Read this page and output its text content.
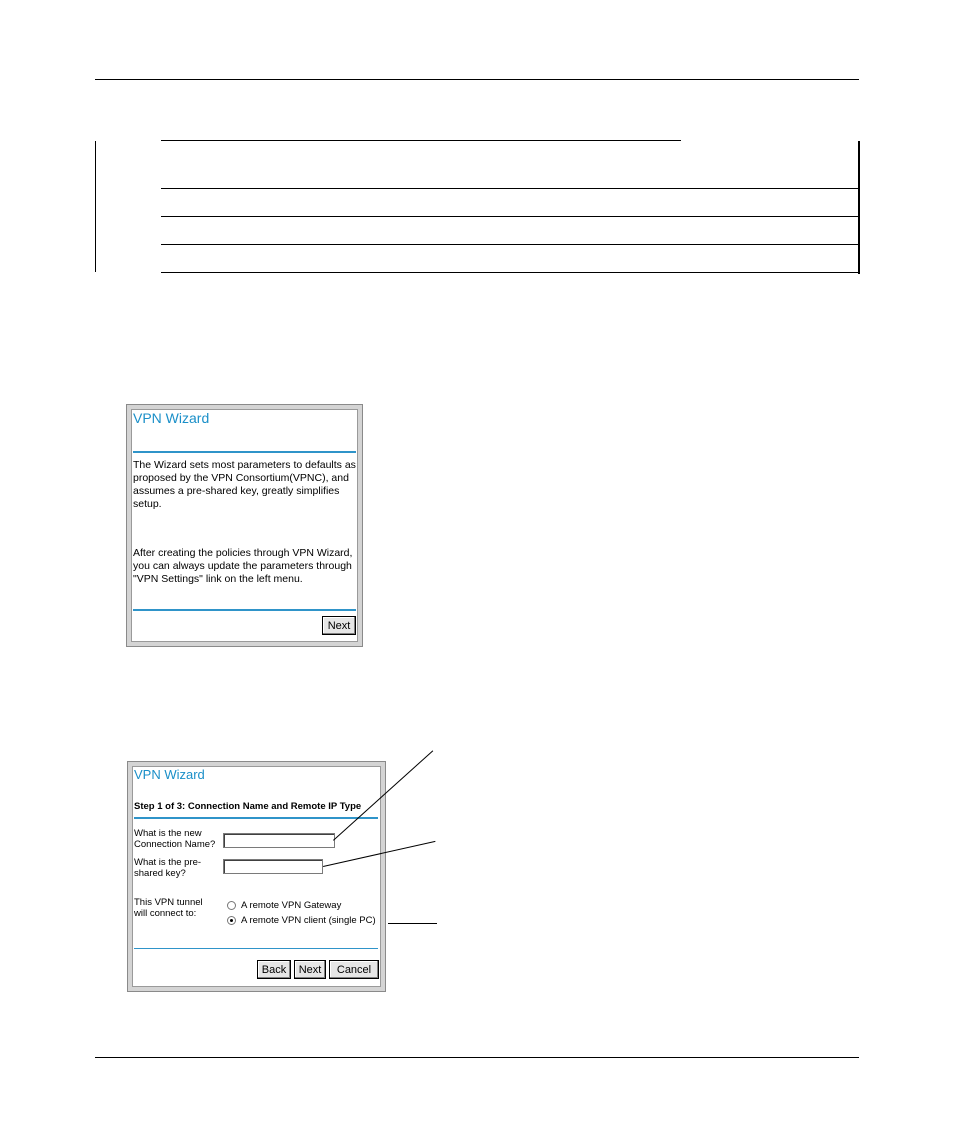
VPN Wizard
The Wizard sets most parameters to defaults as proposed by the VPN Consortium(VPNC), and assumes a pre-shared key, greatly simplifies setup.
After creating the policies through VPN Wizard, you can always update the parameters through "VPN Settings" link on the left menu.
Next
VPN Wizard
Step 1 of 3: Connection Name and Remote IP Type
What is the new Connection Name?
What is the pre-shared key?
This VPN tunnel will connect to:
A remote VPN Gateway
A remote VPN client (single PC)
Back	Next	Cancel
